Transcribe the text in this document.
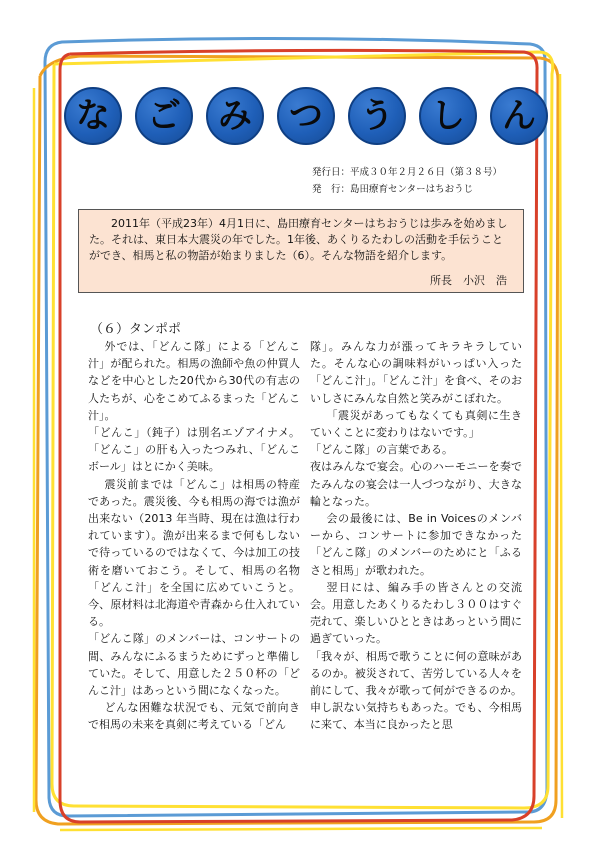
な	ご	み	つ	う	し	ん
発行日：平成３０年２月２６日（第３８号）
発　行：島田療育センターはちおうじ

2011年（平成23年）4月1日に、島田療育センターはちおうじは歩みを始めました。それは、東日本大震災の年でした。1年後、あくりるたわしの活動を手伝うことができ、相馬と私の物語が始まりました（6）。そんな物語を紹介します。

所長　小沢　浩
（６）タンポポ

外では、「どんこ隊」による「どんこ汁」が配られた。相馬の漁師や魚の仲買人などを中心とした20代から30代の有志の人たちが、心をこめてふるまった「どんこ汁」。

「どんこ」（鈍子）は別名エゾアイナメ。「どんこ」の肝も入ったつみれ、「どんこボール」はとにかく美味。

震災前までは「どんこ」は相馬の特産であった。震災後、今も相馬の海では漁が出来ない（2013 年当時、現在は漁は行われています）。漁が出来るまで何もしないで待っているのではなくて、今は加工の技術を磨いておこう。そして、相馬の名物「どんこ汁」を全国に広めていこうと。今、原材料は北海道や青森から仕入れている。

「どんこ隊」のメンバーは、コンサートの間、みんなにふるまうためにずっと準備していた。そして、用意した２５０杯の「どんこ汁」はあっという間になくなった。

どんな困難な状況でも、元気で前向きで相馬の未来を真剣に考えている「どん

隊」。みんな力が漲ってキラキラしていた。そんな心の調味料がいっぱい入った「どんこ汁」。「どんこ汁」を食べ、そのおいしさにみんな自然と笑みがこぼれた。

「震災があってもなくても真剣に生きていくことに変わりはないです。」

「どんこ隊」の言葉である。

夜はみんなで宴会。心のハーモニーを奏でたみんなの宴会は一人づつながり、大きな輪となった。

会の最後には、Be in Voicesのメンバーから、コンサートに参加できなかった「どんこ隊」のメンバーのためにと「ふるさと相馬」が歌われた。

翌日には、編み手の皆さんとの交流会。用意したあくりるたわし３００はすぐ売れて、楽しいひとときはあっという間に過ぎていった。

「我々が、相馬で歌うことに何の意味があるのか。被災されて、苦労している人々を前にして、我々が歌って何ができるのか。申し訳ない気持ちもあった。でも、今相馬に来て、本当に良かったと思
